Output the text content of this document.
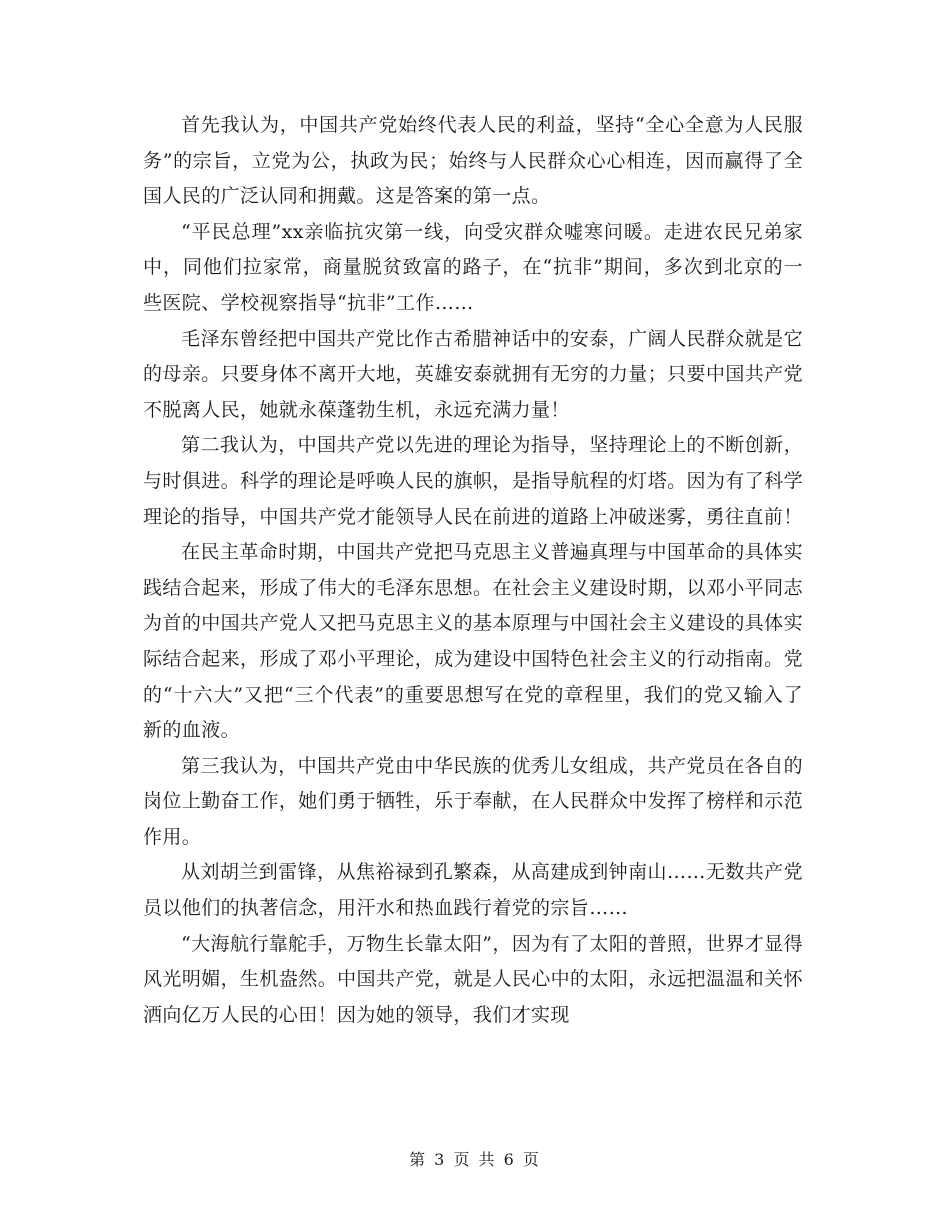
首先我认为，中国共产党始终代表人民的利益，坚持“全心全意为人民服务”的宗旨，立党为公，执政为民；始终与人民群众心心相连，因而赢得了全国人民的广泛认同和拥戴。这是答案的第一点。

“平民总理”xx亲临抗灾第一线，向受灾群众嘘寒问暖。走进农民兄弟家中，同他们拉家常，商量脱贫致富的路子，在“抗非”期间，多次到北京的一些医院、学校视察指导“抗非”工作……

毛泽东曾经把中国共产党比作古希腊神话中的安泰，广阔人民群众就是它的母亲。只要身体不离开大地，英雄安泰就拥有无穷的力量；只要中国共产党不脱离人民，她就永葆蓬勃生机，永远充满力量！

第二我认为，中国共产党以先进的理论为指导，坚持理论上的不断创新，与时俱进。科学的理论是呼唤人民的旗帜，是指导航程的灯塔。因为有了科学理论的指导，中国共产党才能领导人民在前进的道路上冲破迷雾，勇往直前！

在民主革命时期，中国共产党把马克思主义普遍真理与中国革命的具体实践结合起来，形成了伟大的毛泽东思想。在社会主义建设时期，以邓小平同志为首的中国共产党人又把马克思主义的基本原理与中国社会主义建设的具体实际结合起来，形成了邓小平理论，成为建设中国特色社会主义的行动指南。党的“十六大”又把“三个代表”的重要思想写在党的章程里，我们的党又输入了新的血液。

第三我认为，中国共产党由中华民族的优秀儿女组成，共产党员在各自的岗位上勤奋工作，她们勇于牺牲，乐于奉献，在人民群众中发挥了榜样和示范作用。

从刘胡兰到雷锋，从焦裕禄到孔繁森，从高建成到钟南山……无数共产党员以他们的执著信念，用汗水和热血践行着党的宗旨……

“大海航行靠舵手，万物生长靠太阳”，因为有了太阳的普照，世界才显得风光明媚，生机盎然。中国共产党，就是人民心中的太阳，永远把温温和关怀洒向亿万人民的心田！因为她的领导，我们才实现

第 3 页 共 6 页
